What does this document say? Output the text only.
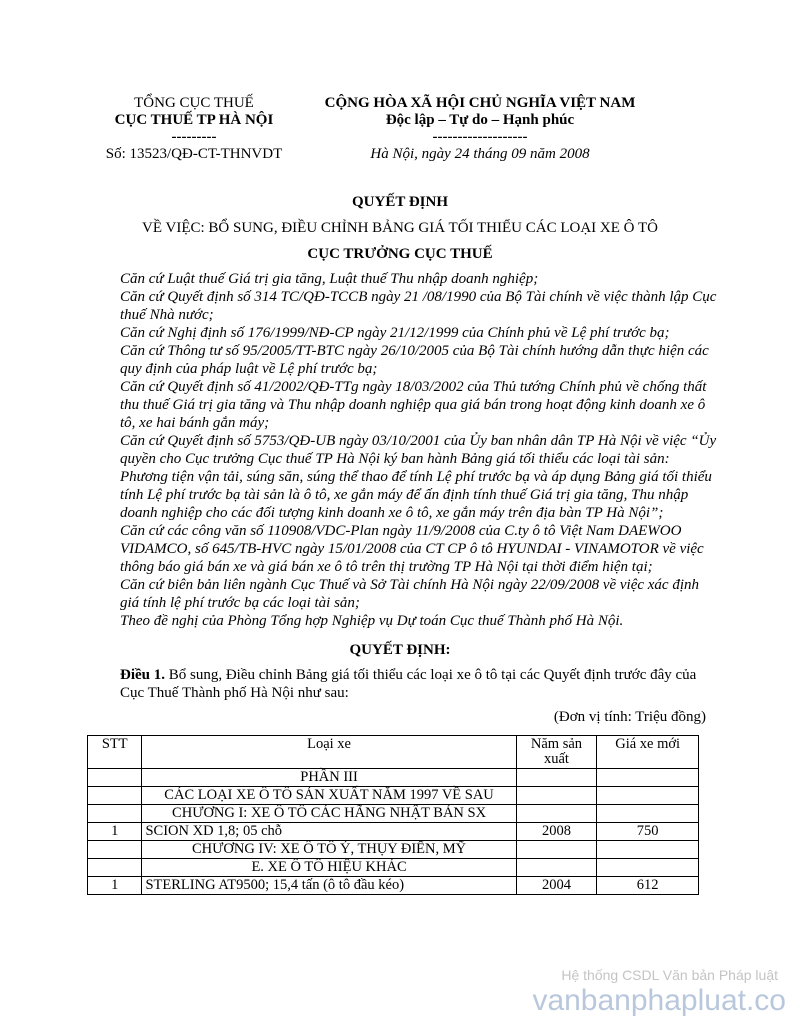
TỔNG CỤC THUẾ
CỤC THUẾ TP HÀ NỘI
---------
Số: 13523/QĐ-CT-THNVDT
CỘNG HÒA XÃ HỘI CHỦ NGHĨA VIỆT NAM
Độc lập – Tự do – Hạnh phúc
-------------------
Hà Nội, ngày 24 tháng 09 năm 2008
QUYẾT ĐỊNH
VỀ VIỆC: BỔ SUNG, ĐIỀU CHỈNH BẢNG GIÁ TỐI THIỂU CÁC LOẠI XE Ô TÔ
CỤC TRƯỞNG CỤC THUẾ

Căn cứ Luật thuế Giá trị gia tăng, Luật thuế Thu nhập doanh nghiệp;

Căn cứ Quyết định số 314 TC/QĐ-TCCB ngày 21 /08/1990 của Bộ Tài chính về việc thành lập Cục thuế Nhà nước;

Căn cứ Nghị định số 176/1999/NĐ-CP ngày 21/12/1999 của Chính phủ về Lệ phí trước bạ;

Căn cứ Thông tư số 95/2005/TT-BTC ngày 26/10/2005 của Bộ Tài chính hướng dẫn thực hiện các quy định của pháp luật về Lệ phí trước bạ;

Căn cứ Quyết định số 41/2002/QĐ-TTg ngày 18/03/2002 của Thủ tướng Chính phủ về chống thất thu thuế Giá trị gia tăng và Thu nhập doanh nghiệp qua giá bán trong hoạt động kinh doanh xe ô tô, xe hai bánh gắn máy;

Căn cứ Quyết định số 5753/QĐ-UB ngày 03/10/2001 của Ủy ban nhân dân TP Hà Nội về việc “Ủy quyền cho Cục trưởng Cục thuế TP Hà Nội ký ban hành Bảng giá tối thiểu các loại tài sản: Phương tiện vận tải, súng săn, súng thể thao để tính Lệ phí trước bạ và áp dụng Bảng giá tối thiểu tính Lệ phí trước bạ tài sản là ô tô, xe gắn máy để ấn định tính thuế Giá trị gia tăng, Thu nhập doanh nghiệp cho các đối tượng kinh doanh xe ô tô, xe gắn máy trên địa bàn TP Hà Nội”;

Căn cứ các công văn số 110908/VDC-Plan ngày 11/9/2008 của C.ty ô tô Việt Nam DAEWOO VIDAMCO, số 645/TB-HVC ngày 15/01/2008 của CT CP ô tô HYUNDAI - VINAMOTOR về việc thông báo giá bán xe và giá bán xe ô tô trên thị trường TP Hà Nội tại thời điểm hiện tại;

Căn cứ biên bản liên ngành Cục Thuế và Sở Tài chính Hà Nội ngày 22/09/2008 về việc xác định giá tính lệ phí trước bạ các loại tài sản;

Theo đề nghị của Phòng Tổng hợp Nghiệp vụ Dự toán Cục thuế Thành phố Hà Nội.

QUYẾT ĐỊNH:

Điều 1. Bổ sung, Điều chỉnh Bảng giá tối thiểu các loại xe ô tô tại các Quyết định trước đây của Cục Thuế Thành phố Hà Nội như sau:

(Đơn vị tính: Triệu đồng)
STT	Loại xe	Năm sản xuất	Giá xe mới
	PHẦN III		
	CÁC LOẠI XE Ô TÔ SẢN XUẤT NĂM 1997 VỀ SAU		
	CHƯƠNG I: XE Ô TÔ CÁC HÃNG NHẬT BẢN SX		
1	SCION XD 1,8; 05 chỗ	2008	750
	CHƯƠNG IV: XE Ô TÔ Ý, THỤY ĐIỂN, MỸ		
	E. XE Ô TÔ HIỆU KHÁC		
1	STERLING AT9500; 15,4 tấn (ô tô đầu kéo)	2004	612
Hệ thống CSDL Văn bản Pháp luật
vanbanphapluat.co
